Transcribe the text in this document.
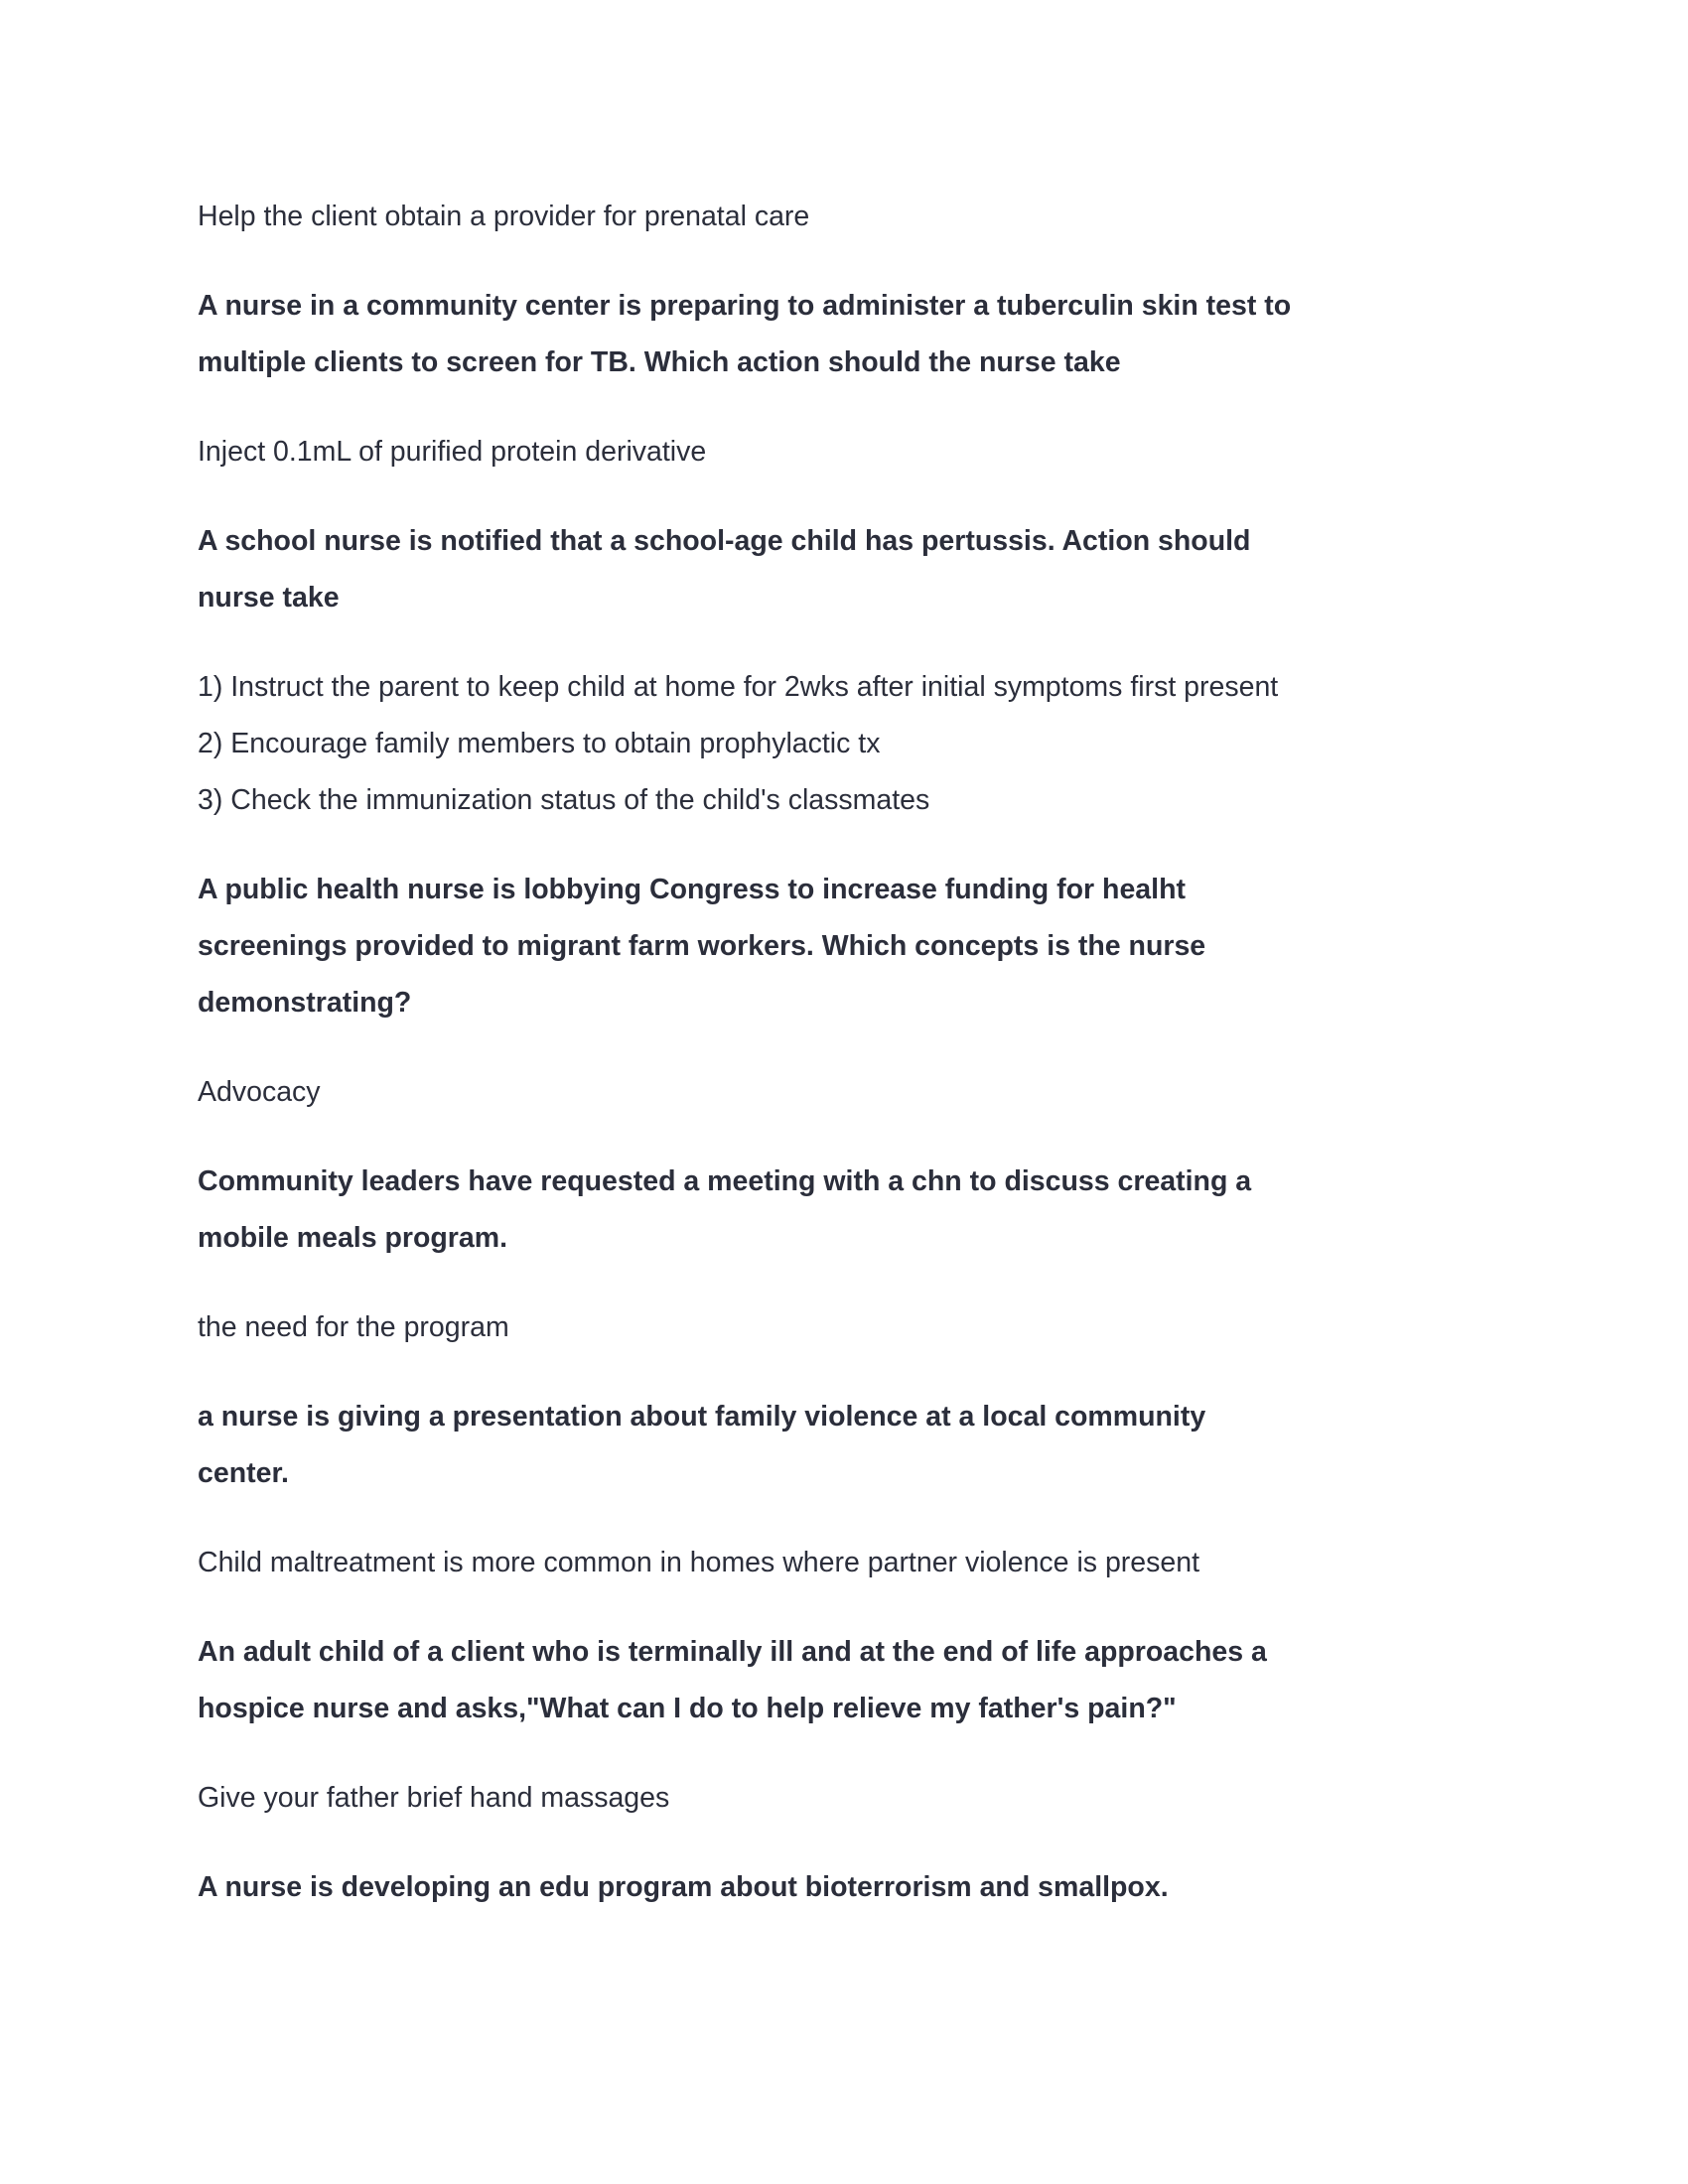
Help the client obtain a provider for prenatal care
A nurse in a community center is preparing to administer a tuberculin skin test to
multiple clients to screen for TB. Which action should the nurse take
Inject 0.1mL of purified protein derivative
A school nurse is notified that a school-age child has pertussis. Action should
nurse take
1) Instruct the parent to keep child at home for 2wks after initial symptoms first present
2) Encourage family members to obtain prophylactic tx
3) Check the immunization status of the child's classmates
A public health nurse is lobbying Congress to increase funding for healht
screenings provided to migrant farm workers. Which concepts is the nurse
demonstrating?
Advocacy
Community leaders have requested a meeting with a chn to discuss creating a
mobile meals program.
the need for the program
a nurse is giving a presentation about family violence at a local community
center.
Child maltreatment is more common in homes where partner violence is present
An adult child of a client who is terminally ill and at the end of life approaches a
hospice nurse and asks,"What can I do to help relieve my father's pain?"
Give your father brief hand massages
A nurse is developing an edu program about bioterrorism and smallpox.
